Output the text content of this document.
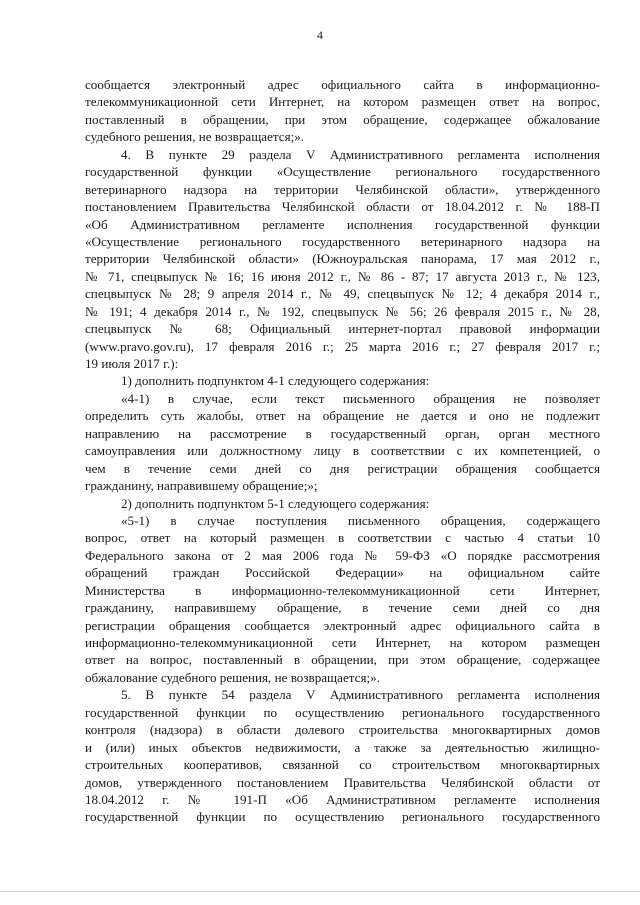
4
сообщается электронный адрес официального сайта в информационно-
телекоммуникационной сети Интернет, на котором размещен ответ на вопрос,
поставленный в обращении, при этом обращение, содержащее обжалование
судебного решения, не возвращается;».
4. В пункте 29 раздела V Административного регламента исполнения
государственной функции «Осуществление регионального государственного
ветеринарного надзора на территории Челябинской области», утвержденного
постановлением Правительства Челябинской области от 18.04.2012 г. № 188-П
«Об Административном регламенте исполнения государственной функции
«Осуществление регионального государственного ветеринарного надзора на
территории Челябинской области» (Южноуральская панорама, 17 мая 2012 г.,
№ 71, спецвыпуск № 16; 16 июня 2012 г., № 86 - 87; 17 августа 2013 г., № 123,
спецвыпуск № 28; 9 апреля 2014 г., № 49, спецвыпуск № 12; 4 декабря 2014 г.,
№ 191; 4 декабря 2014 г., № 192, спецвыпуск № 56; 26 февраля 2015 г., № 28,
спецвыпуск № 68; Официальный интернет-портал правовой информации
(www.pravo.gov.ru), 17 февраля 2016 г.; 25 марта 2016 г.; 27 февраля 2017 г.;
19 июля 2017 г.):
1) дополнить подпунктом 4-1 следующего содержания:
«4-1) в случае, если текст письменного обращения не позволяет
определить суть жалобы, ответ на обращение не дается и оно не подлежит
направлению на рассмотрение в государственный орган, орган местного
самоуправления или должностному лицу в соответствии с их компетенцией, о
чем в течение семи дней со дня регистрации обращения сообщается
гражданину, направившему обращение;»;
2) дополнить подпунктом 5-1 следующего содержания:
«5-1) в случае поступления письменного обращения, содержащего
вопрос, ответ на который размещен в соответствии с частью 4 статьи 10
Федерального закона от 2 мая 2006 года № 59-ФЗ «О порядке рассмотрения
обращений граждан Российской Федерации» на официальном сайте
Министерства в информационно-телекоммуникационной сети Интернет,
гражданину, направившему обращение, в течение семи дней со дня
регистрации обращения сообщается электронный адрес официального сайта в
информационно-телекоммуникационной сети Интернет, на котором размещен
ответ на вопрос, поставленный в обращении, при этом обращение, содержащее
обжалование судебного решения, не возвращается;».
5. В пункте 54 раздела V Административного регламента исполнения
государственной функции по осуществлению регионального государственного
контроля (надзора) в области долевого строительства многоквартирных домов
и (или) иных объектов недвижимости, а также за деятельностью жилищно-
строительных кооперативов, связанной со строительством многоквартирных
домов, утвержденного постановлением Правительства Челябинской области от
18.04.2012 г. № 191-П «Об Административном регламенте исполнения
государственной функции по осуществлению регионального государственного
